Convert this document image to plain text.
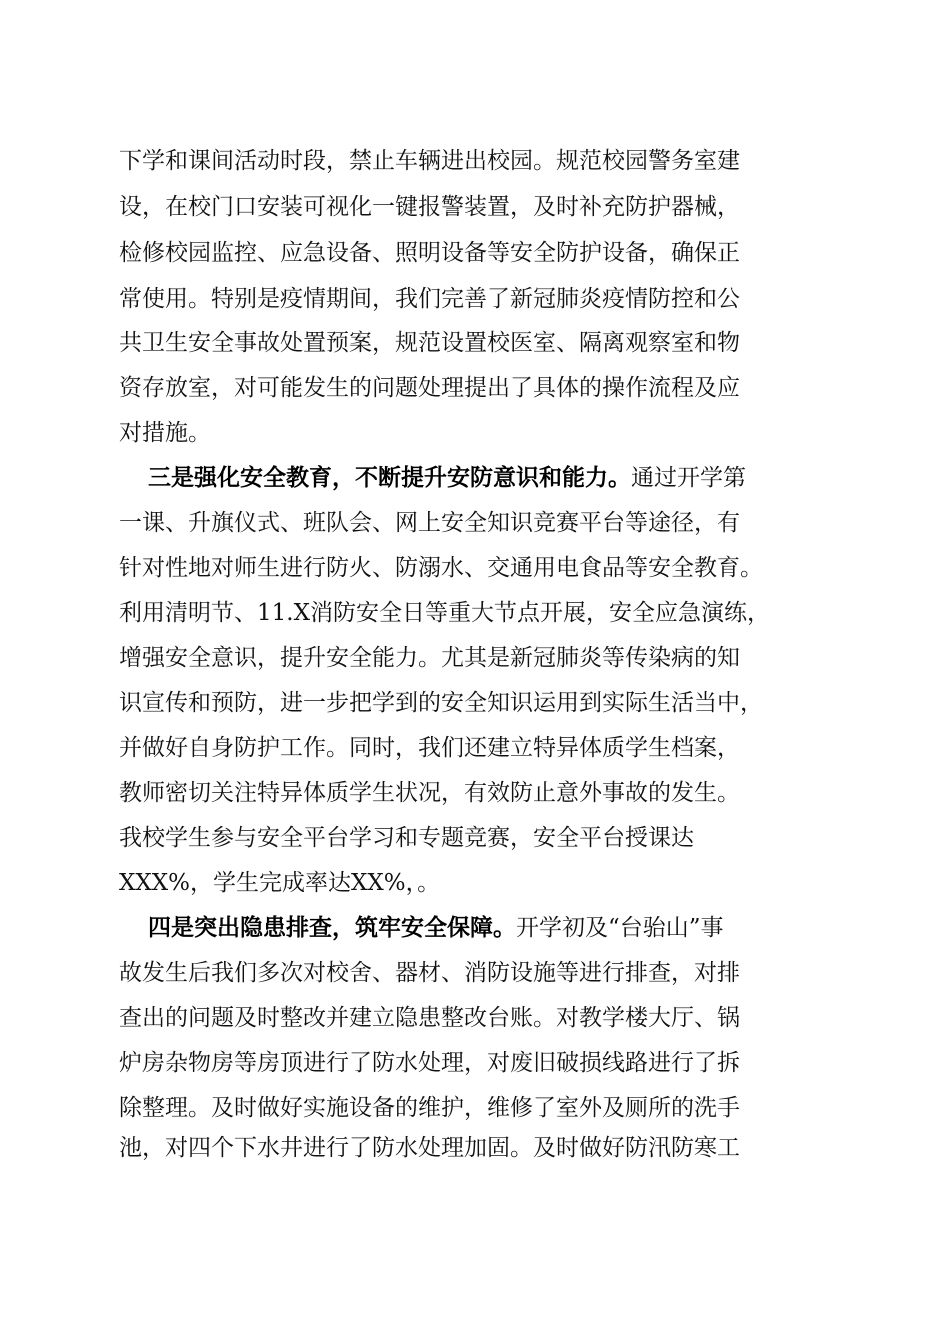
下学和课间活动时段，禁止车辆进出校园。规范校园警务室建
设，在校门口安装可视化一键报警装置，及时补充防护器械，
检修校园监控、应急设备、照明设备等安全防护设备，确保正
常使用。特别是疫情期间，我们完善了新冠肺炎疫情防控和公
共卫生安全事故处置预案，规范设置校医室、隔离观察室和物
资存放室，对可能发生的问题处理提出了具体的操作流程及应
对措施。
三是强化安全教育，不断提升安防意识和能力。通过开学第
一课、升旗仪式、班队会、网上安全知识竞赛平台等途径，有
针对性地对师生进行防火、防溺水、交通用电食品等安全教育。
利用清明节、11.X消防安全日等重大节点开展，安全应急演练，
增强安全意识，提升安全能力。尤其是新冠肺炎等传染病的知
识宣传和预防，进一步把学到的安全知识运用到实际生活当中，
并做好自身防护工作。同时，我们还建立特异体质学生档案，
教师密切关注特异体质学生状况，有效防止意外事故的发生。
我校学生参与安全平台学习和专题竞赛，安全平台授课达
XXX%，学生完成率达XX%，。
四是突出隐患排查，筑牢安全保障。开学初及“台骀山”事
故发生后我们多次对校舍、器材、消防设施等进行排查，对排
查出的问题及时整改并建立隐患整改台账。对教学楼大厅、锅
炉房杂物房等房顶进行了防水处理，对废旧破损线路进行了拆
除整理。及时做好实施设备的维护，维修了室外及厕所的洗手
池，对四个下水井进行了防水处理加固。及时做好防汛防寒工
